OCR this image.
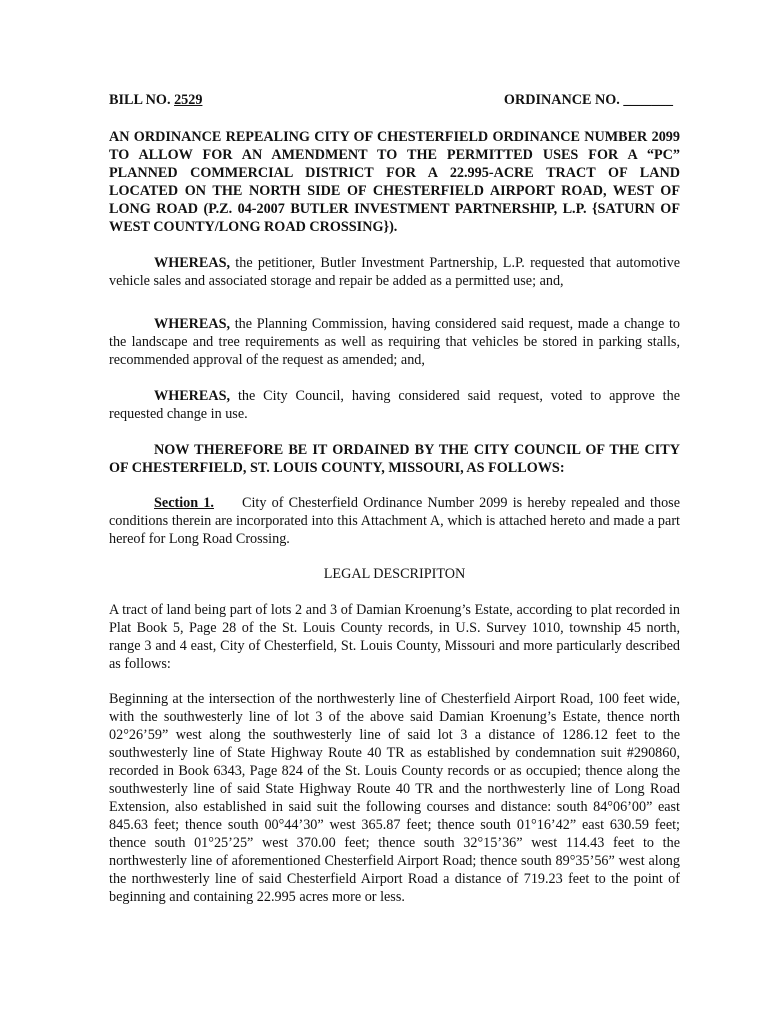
BILL NO. 2529	ORDINANCE NO. _______

AN ORDINANCE REPEALING CITY OF CHESTERFIELD ORDINANCE NUMBER 2099 TO ALLOW FOR AN AMENDMENT TO THE PERMITTED USES FOR A “PC” PLANNED COMMERCIAL DISTRICT FOR A 22.995-ACRE TRACT OF LAND LOCATED ON THE NORTH SIDE OF CHESTERFIELD AIRPORT ROAD, WEST OF LONG ROAD (P.Z. 04-2007 BUTLER INVESTMENT PARTNERSHIP, L.P. {SATURN OF WEST COUNTY/LONG ROAD CROSSING}).

WHEREAS, the petitioner, Butler Investment Partnership, L.P. requested that automotive vehicle sales and associated storage and repair be added as a permitted use; and,

WHEREAS, the Planning Commission, having considered said request, made a change to the landscape and tree requirements as well as requiring that vehicles be stored in parking stalls, recommended approval of the request as amended; and,

WHEREAS, the City Council, having considered said request, voted to approve the requested change in use.

NOW THEREFORE BE IT ORDAINED BY THE CITY COUNCIL OF THE CITY OF CHESTERFIELD, ST. LOUIS COUNTY, MISSOURI, AS FOLLOWS:

Section 1. City of Chesterfield Ordinance Number 2099 is hereby repealed and those conditions therein are incorporated into this Attachment A, which is attached hereto and made a part hereof for Long Road Crossing.

LEGAL DESCRIPITON

A tract of land being part of lots 2 and 3 of Damian Kroenung’s Estate, according to plat recorded in Plat Book 5, Page 28 of the St. Louis County records, in U.S. Survey 1010, township 45 north, range 3 and 4 east, City of Chesterfield, St. Louis County, Missouri and more particularly described as follows:

Beginning at the intersection of the northwesterly line of Chesterfield Airport Road, 100 feet wide, with the southwesterly line of lot 3 of the above said Damian Kroenung’s Estate, thence north 02°26’59” west along the southwesterly line of said lot 3 a distance of 1286.12 feet to the southwesterly line of State Highway Route 40 TR as established by condemnation suit #290860, recorded in Book 6343, Page 824 of the St. Louis County records or as occupied; thence along the southwesterly line of said State Highway Route 40 TR and the northwesterly line of Long Road Extension, also established in said suit the following courses and distance: south 84°06’00” east 845.63 feet; thence south 00°44’30” west 365.87 feet; thence south 01°16’42” east 630.59 feet; thence south 01°25’25” west 370.00 feet; thence south 32°15’36” west 114.43 feet to the northwesterly line of aforementioned Chesterfield Airport Road; thence south 89°35’56” west along the northwesterly line of said Chesterfield Airport Road a distance of 719.23 feet to the point of beginning and containing 22.995 acres more or less.
